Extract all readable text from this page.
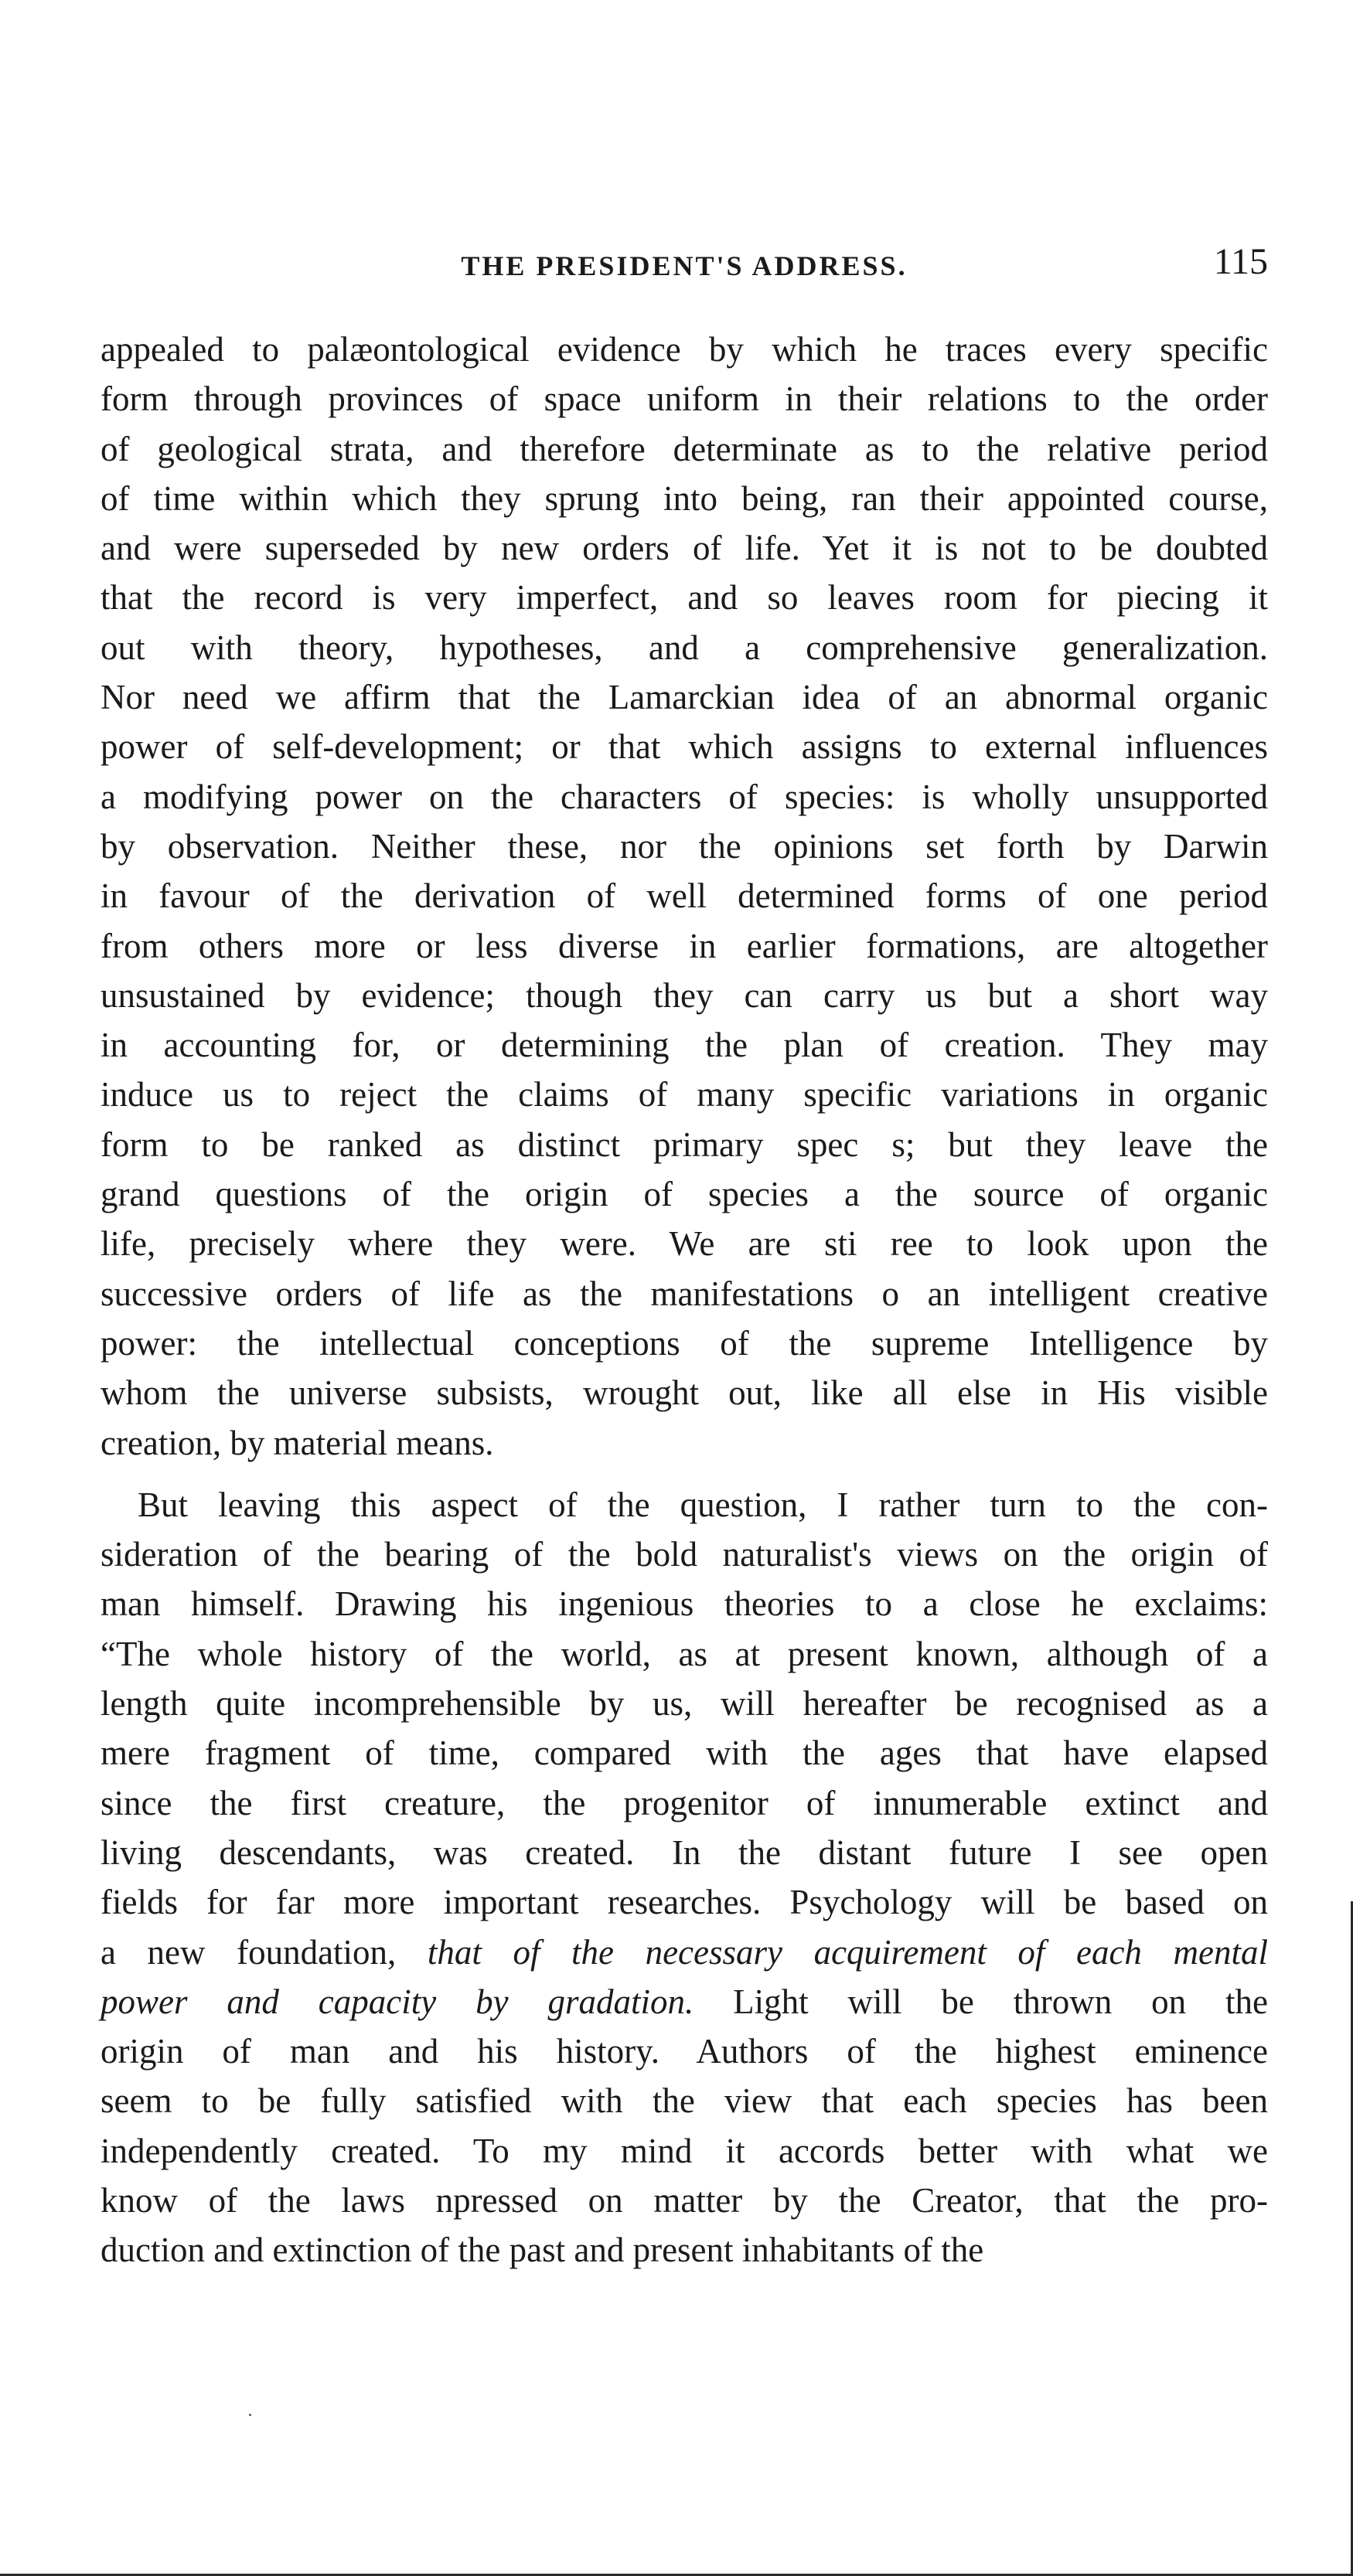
THE PRESIDENT'S ADDRESS.	115
appealed to palæontological evidence by which he traces every specific
form through provinces of space uniform in their relations to the order
of geological strata, and therefore determinate as to the relative period
of time within which they sprung into being, ran their appointed course,
and were superseded by new orders of life. Yet it is not to be doubted
that the record is very imperfect, and so leaves room for piecing it
out with theory, hypotheses, and a comprehensive generalization.
Nor need we affirm that the Lamarckian idea of an abnormal organic
power of self-development; or that which assigns to external influences
a modifying power on the characters of species: is wholly unsupported
by observation. Neither these, nor the opinions set forth by Darwin
in favour of the derivation of well determined forms of one period
from others more or less diverse in earlier formations, are altogether
unsustained by evidence; though they can carry us but a short way
in accounting for, or determining the plan of creation. They may
induce us to reject the claims of many specific variations in organic
form to be ranked as distinct primary spec s; but they leave the
grand questions of the origin of species a the source of organic
life, precisely where they were. We are sti ree to look upon the
successive orders of life as the manifestations o an intelligent creative
power: the intellectual conceptions of the supreme Intelligence by
whom the universe subsists, wrought out, like all else in His visible
creation, by material means.
But leaving this aspect of the question, I rather turn to the con-
sideration of the bearing of the bold naturalist's views on the origin of
man himself. Drawing his ingenious theories to a close he exclaims:
“The whole history of the world, as at present known, although of a
length quite incomprehensible by us, will hereafter be recognised as a
mere fragment of time, compared with the ages that have elapsed
since the first creature, the progenitor of innumerable extinct and
living descendants, was created. In the distant future I see open
fields for far more important researches. Psychology will be based on
a new foundation, that of the necessary acquirement of each mental
power and capacity by gradation. Light will be thrown on the
origin of man and his history. Authors of the highest eminence
seem to be fully satisfied with the view that each species has been
independently created. To my mind it accords better with what we
know of the laws npressed on matter by the Creator, that the pro-
duction and extinction of the past and present inhabitants of the
